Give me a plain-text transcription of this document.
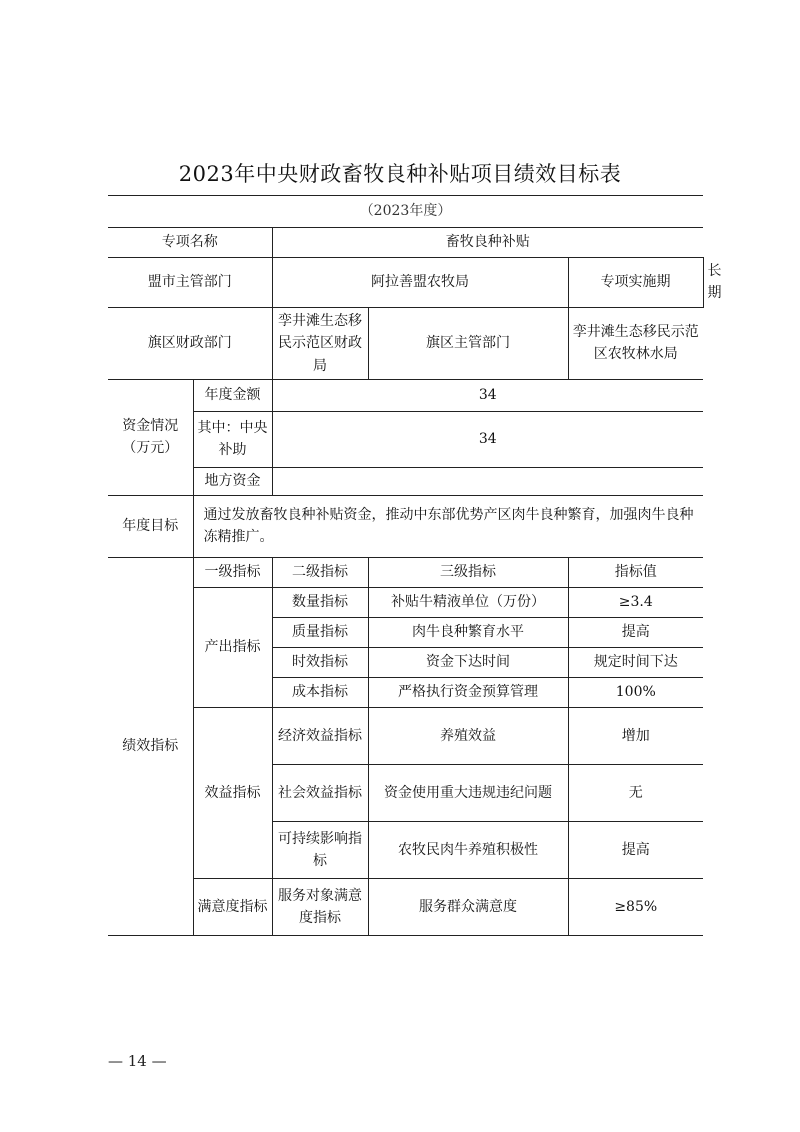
2023年中央财政畜牧良种补贴项目绩效目标表
（2023年度）					
专项名称		畜牧良种补贴			
盟市主管部门		阿拉善盟农牧局		专项实施期	长期
旗区财政部门		孪井滩生态移民示范区财政局	旗区主管部门	孪井滩生态移民示范区农牧林水局	
资金情况（万元）	年度金额	34			
	其中：中央补助	34			
	地方资金				
年度目标	通过发放畜牧良种补贴资金，推动中东部优势产区肉牛良种繁育，加强肉牛良种冻精推广。				
绩效指标	一级指标	二级指标	三级指标	指标值	
	产出指标	数量指标	补贴牛精液单位（万份）	≥3.4	
		质量指标	肉牛良种繁育水平	提高	
		时效指标	资金下达时间	规定时间下达	
		成本指标	严格执行资金预算管理	100%	
	效益指标	经济效益指标	养殖效益	增加	
		社会效益指标	资金使用重大违规违纪问题	无	
		可持续影响指标	农牧民肉牛养殖积极性	提高	
	满意度指标	服务对象满意度指标	服务群众满意度	≥85%	
— 14 —
